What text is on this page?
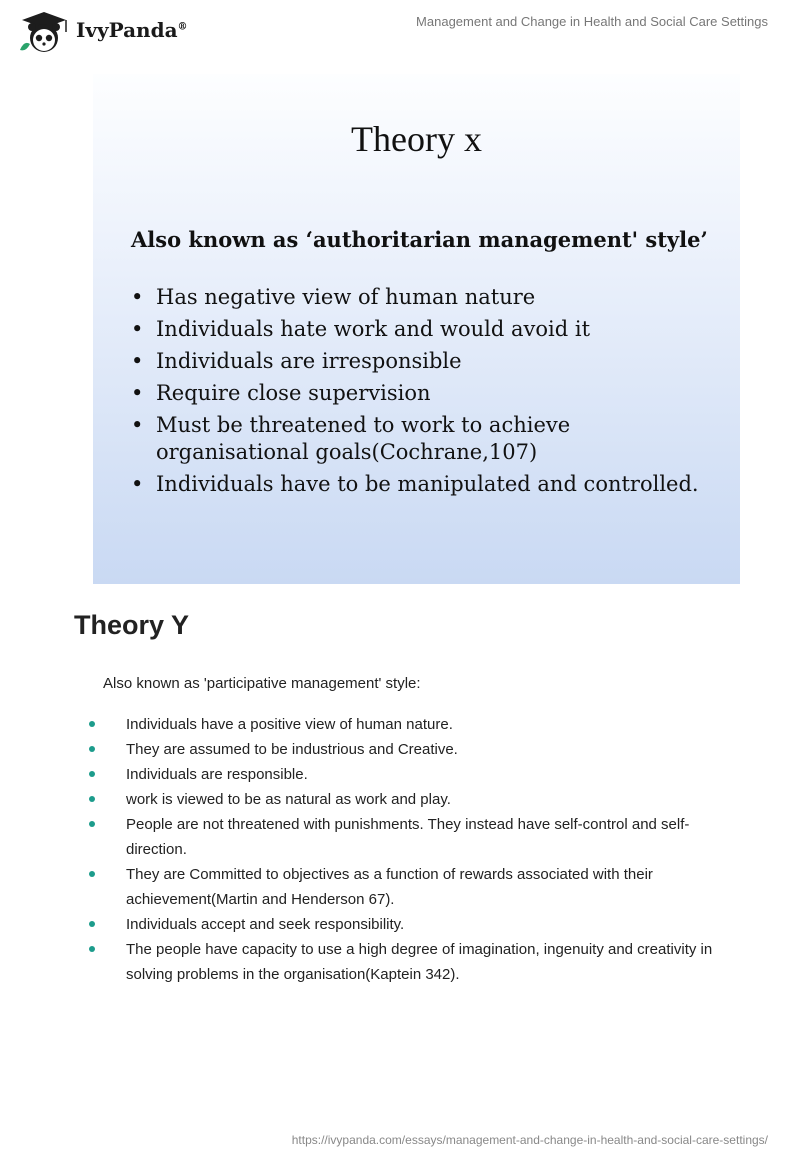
IvyPanda®	Management and Change in Health and Social Care Settings
Theory x
Also known as ‘authoritarian management' style’
• Has negative view of human nature
• Individuals hate work and would avoid it
• Individuals are irresponsible
• Require close supervision
• Must be threatened to work to achieve organisational goals(Cochrane,107)
• Individuals have to be manipulated and controlled.
Theory Y
Also known as 'participative management' style:
Individuals have a positive view of human nature.
They are assumed to be industrious and Creative.
Individuals are responsible.
work is viewed to be as natural as work and play.
People are not threatened with punishments. They instead have self-control and self-direction.
They are Committed to objectives as a function of rewards associated with their achievement(Martin and Henderson 67).
Individuals accept and seek responsibility.
The people have capacity to use a high degree of imagination, ingenuity and creativity in solving problems in the organisation(Kaptein 342).
https://ivypanda.com/essays/management-and-change-in-health-and-social-care-settings/
